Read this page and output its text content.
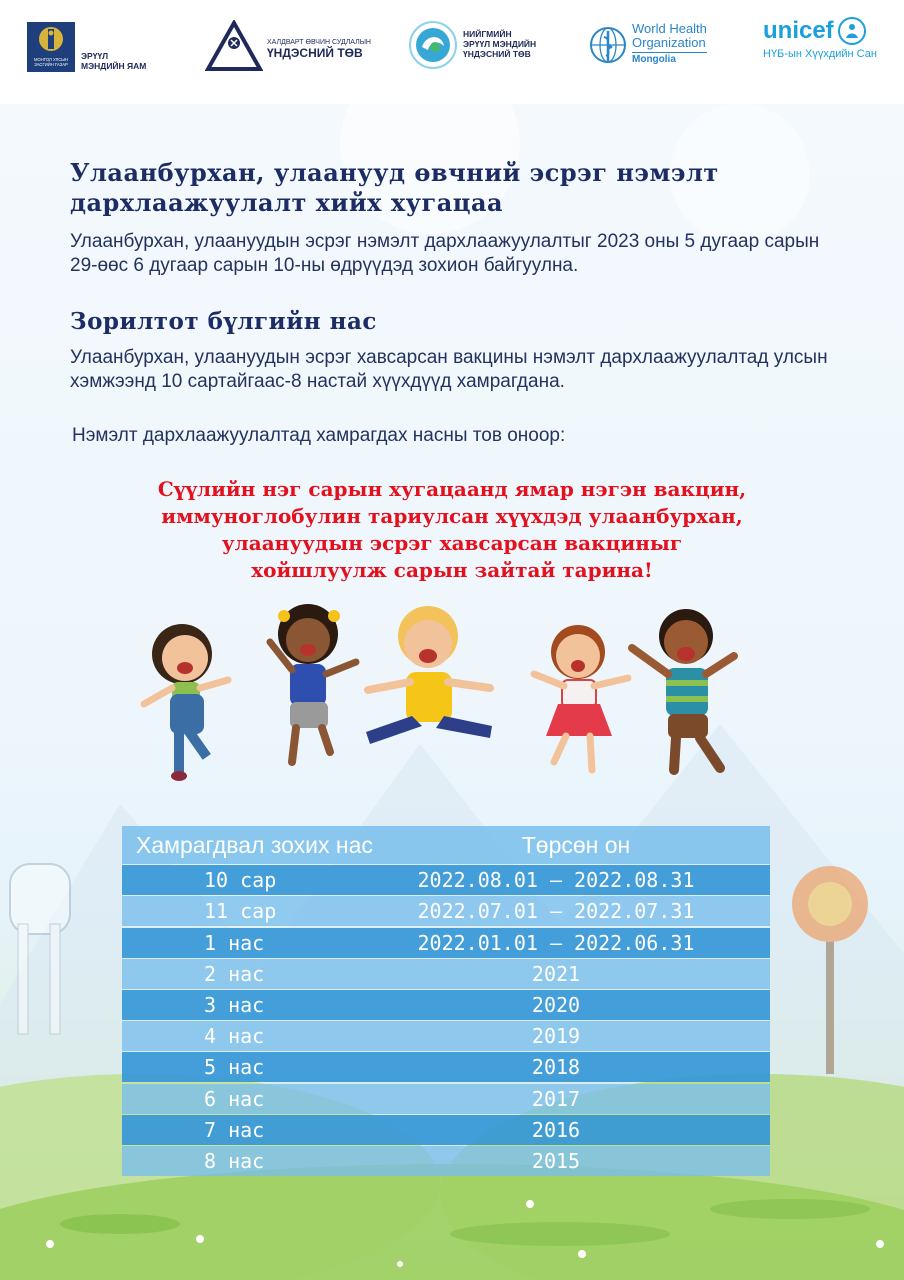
МОНГОЛ УЛСЫН
ЗАСГИЙН ГАЗАР
ЭРҮҮЛ
МЭНДИЙН ЯАМ
ХАЛДВАРТ ӨВЧИН СУДЛАЛЫН
ҮНДЭСНИЙ ТӨВ
НИЙГМИЙН
ЭРҮҮЛ МЭНДИЙН
ҮНДЭСНИЙ ТӨВ
World Health
Organization
Mongolia
unicef
НҮБ-ын Хүүхдийн Сан
Улаанбурхан, улаанууд өвчний эсрэг нэмэлт
дархлаажуулалт хийх хугацаа
Улаанбурхан, улаануудын эсрэг нэмэлт дархлаажуулалтыг 2023 оны 5 дугаар сарын
29-өөс 6 дугаар сарын 10-ны өдрүүдэд зохион байгуулна.
Зорилтот бүлгийн нас
Улаанбурхан, улаануудын эсрэг хавсарсан вакцины нэмэлт дархлаажуулалтад улсын
хэмжээнд 10 сартайгаас-8 настай хүүхдүүд хамрагдана.
Нэмэлт дархлаажуулалтад хамрагдах насны тов оноор:
Сүүлийн нэг сарын хугацаанд ямар нэгэн вакцин,
иммуноглобулин тариулсан хүүхдэд улаанбурхан,
улаануудын эсрэг хавсарсан вакциныг
хойшлуулж сарын зайтай тарина!
Хамрагдвал зохих нас	Төрсөн он
10 сар	2022.08.01 – 2022.08.31
11 сар	2022.07.01 – 2022.07.31
1 нас	2022.01.01 – 2022.06.31
2 нас	2021
3 нас	2020
4 нас	2019
5 нас	2018
6 нас	2017
7 нас	2016
8 нас	2015
